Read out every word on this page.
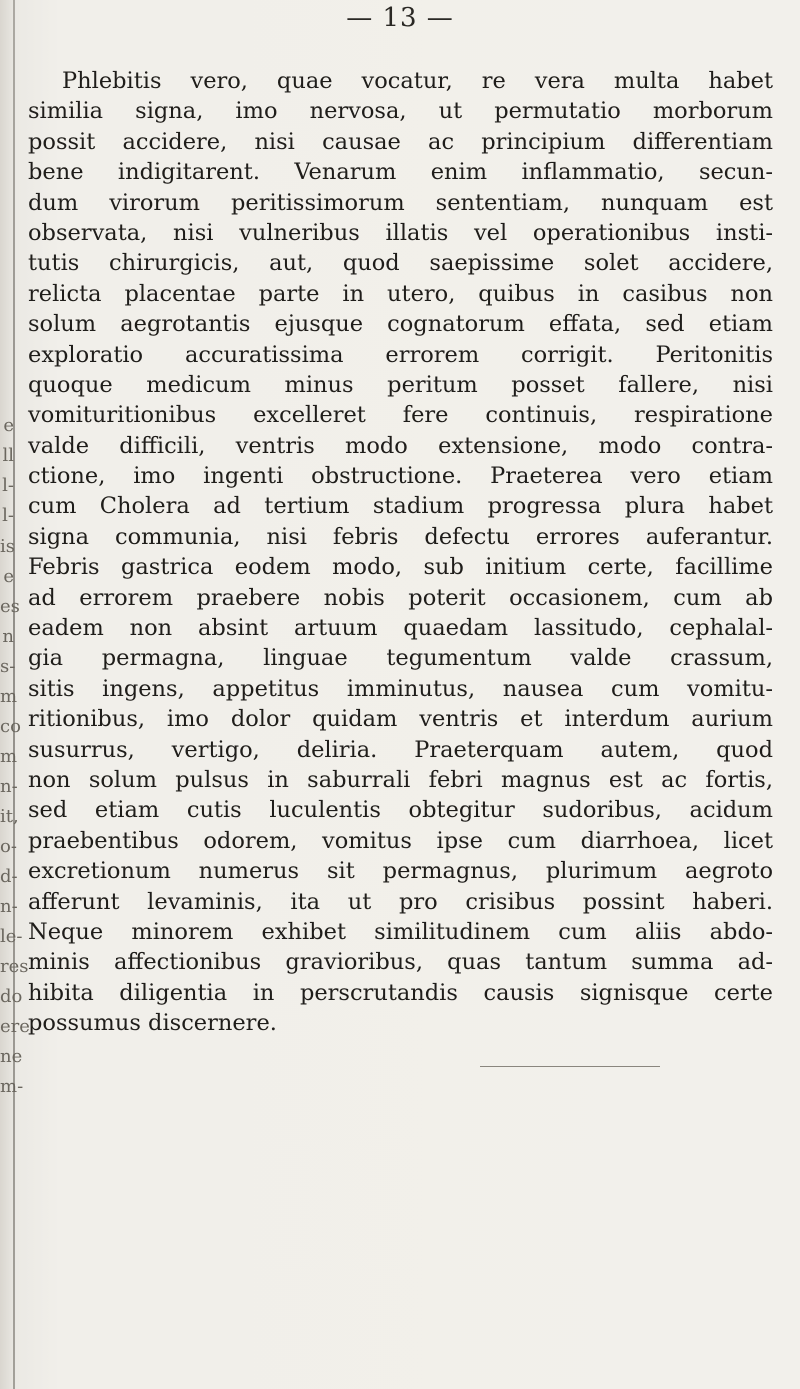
e
ll
l-
l-
is
e
es
n
s-
m
co
m
n-
it,
o-
d-
n-
le-
res
do
ere
ne
m-
— 13 —
Phlebitis vero, quae vocatur, re vera multa habet
similia signa, imo nervosa, ut permutatio morborum
possit accidere, nisi causae ac principium differentiam
bene indigitarent. Venarum enim inflammatio, secun-
dum virorum peritissimorum sententiam, nunquam est
observata, nisi vulneribus illatis vel operationibus insti-
tutis chirurgicis, aut, quod saepissime solet accidere,
relicta placentae parte in utero, quibus in casibus non
solum aegrotantis ejusque cognatorum effata, sed etiam
exploratio accuratissima errorem corrigit. Peritonitis
quoque medicum minus peritum posset fallere, nisi
vomituritionibus excelleret fere continuis, respiratione
valde difficili, ventris modo extensione, modo contra-
ctione, imo ingenti obstructione. Praeterea vero etiam
cum Cholera ad tertium stadium progressa plura habet
signa communia, nisi febris defectu errores auferantur.
Febris gastrica eodem modo, sub initium certe, facillime
ad errorem praebere nobis poterit occasionem, cum ab
eadem non absint artuum quaedam lassitudo, cephalal-
gia permagna, linguae tegumentum valde crassum,
sitis ingens, appetitus imminutus, nausea cum vomitu-
ritionibus, imo dolor quidam ventris et interdum aurium
susurrus, vertigo, deliria. Praeterquam autem, quod
non solum pulsus in saburrali febri magnus est ac fortis,
sed etiam cutis luculentis obtegitur sudoribus, acidum
praebentibus odorem, vomitus ipse cum diarrhoea, licet
excretionum numerus sit permagnus, plurimum aegroto
afferunt levaminis, ita ut pro crisibus possint haberi.
Neque minorem exhibet similitudinem cum aliis abdo-
minis affectionibus gravioribus, quas tantum summa ad-
hibita diligentia in perscrutandis causis signisque certe
possumus discernere.
